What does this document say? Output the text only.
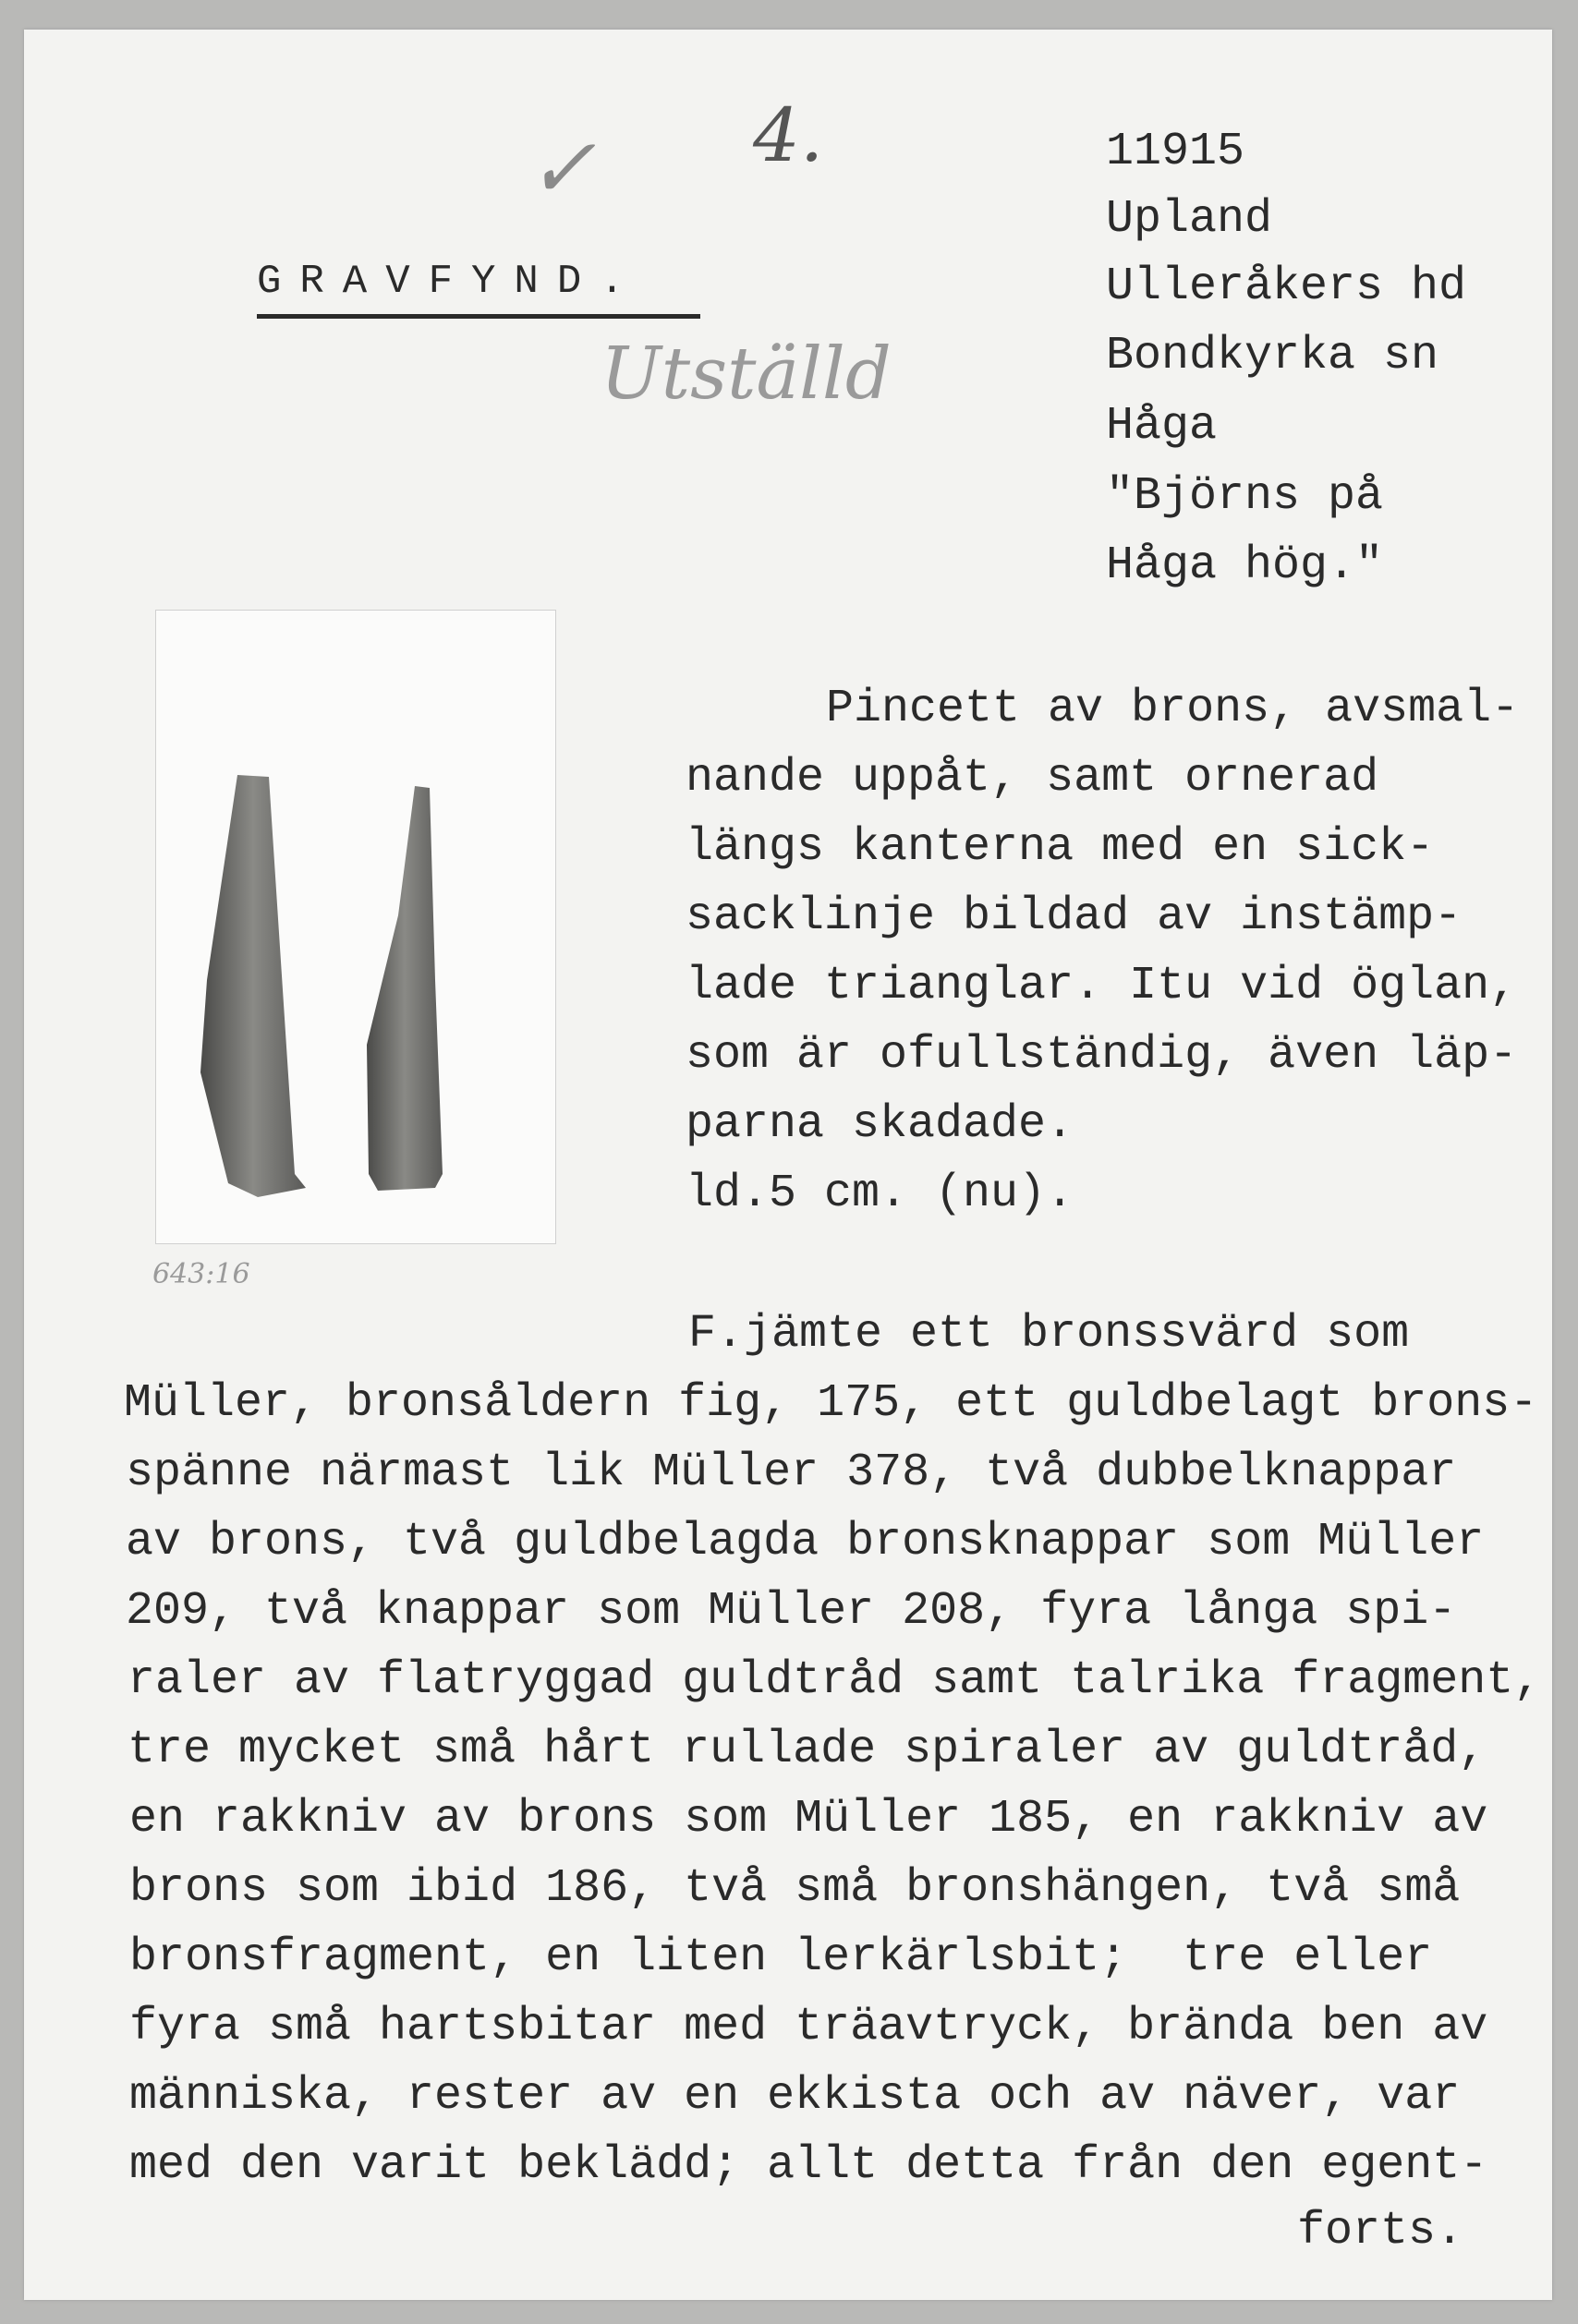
✓ 4.
Utställd
643:16
GRAVFYND.
11915
Upland
Ulleråkers hd
Bondkyrka sn
Håga
"Björns på
Håga hög."
Pincett av brons, avsmal-
nande uppåt, samt ornerad
längs kanterna med en sick-
sacklinje bildad av instämp-
lade trianglar. Itu vid öglan,
som är ofullständig, även läp-
parna skadade.
ld.5 cm. (nu).
F.jämte ett bronssvärd som
Müller, bronsåldern fig, 175, ett guldbelagt brons-
spänne närmast lik Müller 378, två dubbelknappar
av brons, två guldbelagda bronsknappar som Müller
209, två knappar som Müller 208, fyra långa spi-
raler av flatryggad guldtråd samt talrika fragment,
tre mycket små hårt rullade spiraler av guldtråd,
en rakkniv av brons som Müller 185, en rakkniv av
brons som ibid 186, två små bronshängen, två små
bronsfragment, en liten lerkärlsbit;  tre eller
fyra små hartsbitar med träavtryck, brända ben av
människa, rester av en ekkista och av näver, var
med den varit beklädd; allt detta från den egent-
forts.
